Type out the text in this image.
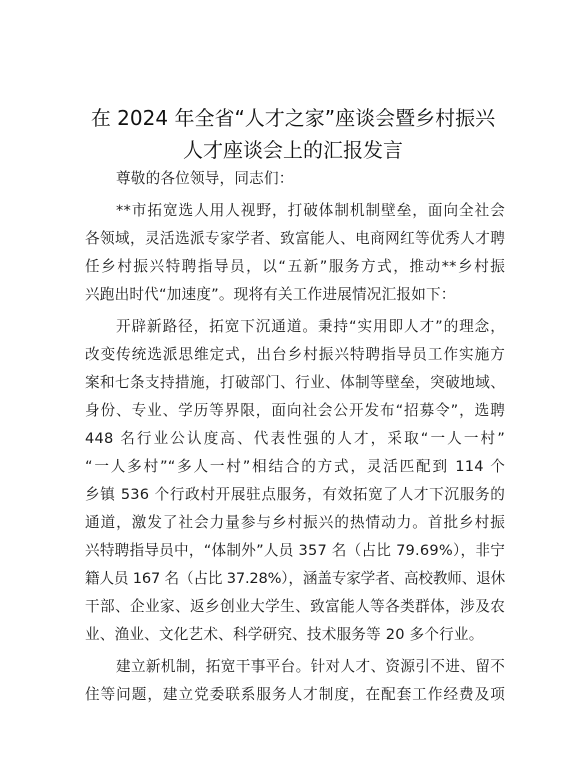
在 2024 年全省“人才之家”座谈会暨乡村振兴
人才座谈会上的汇报发言
尊敬的各位领导，同志们：
**市拓宽选人用人视野，打破体制机制壁垒，面向全社会
各领域，灵活选派专家学者、致富能人、电商网红等优秀人才聘
任乡村振兴特聘指导员，以“五新”服务方式，推动**乡村振
兴跑出时代“加速度”。现将有关工作进展情况汇报如下：
开辟新路径，拓宽下沉通道。秉持“实用即人才”的理念，
改变传统选派思维定式，出台乡村振兴特聘指导员工作实施方
案和七条支持措施，打破部门、行业、体制等壁垒，突破地域、
身份、专业、学历等界限，面向社会公开发布“招募令”，选聘
448 名行业公认度高、代表性强的人才，采取“一人一村”
“一人多村”“多人一村”相结合的方式，灵活匹配到 114 个
乡镇 536 个行政村开展驻点服务，有效拓宽了人才下沉服务的
通道，激发了社会力量参与乡村振兴的热情动力。首批乡村振
兴特聘指导员中，“体制外”人员 357 名（占比 79.69%），非宁
籍人员 167 名（占比 37.28%），涵盖专家学者、高校教师、退休
干部、企业家、返乡创业大学生、致富能人等各类群体，涉及农
业、渔业、文化艺术、科学研究、技术服务等 20 多个行业。
建立新机制，拓宽干事平台。针对人才、资源引不进、留不
住等问题，建立党委联系服务人才制度，在配套工作经费及项
